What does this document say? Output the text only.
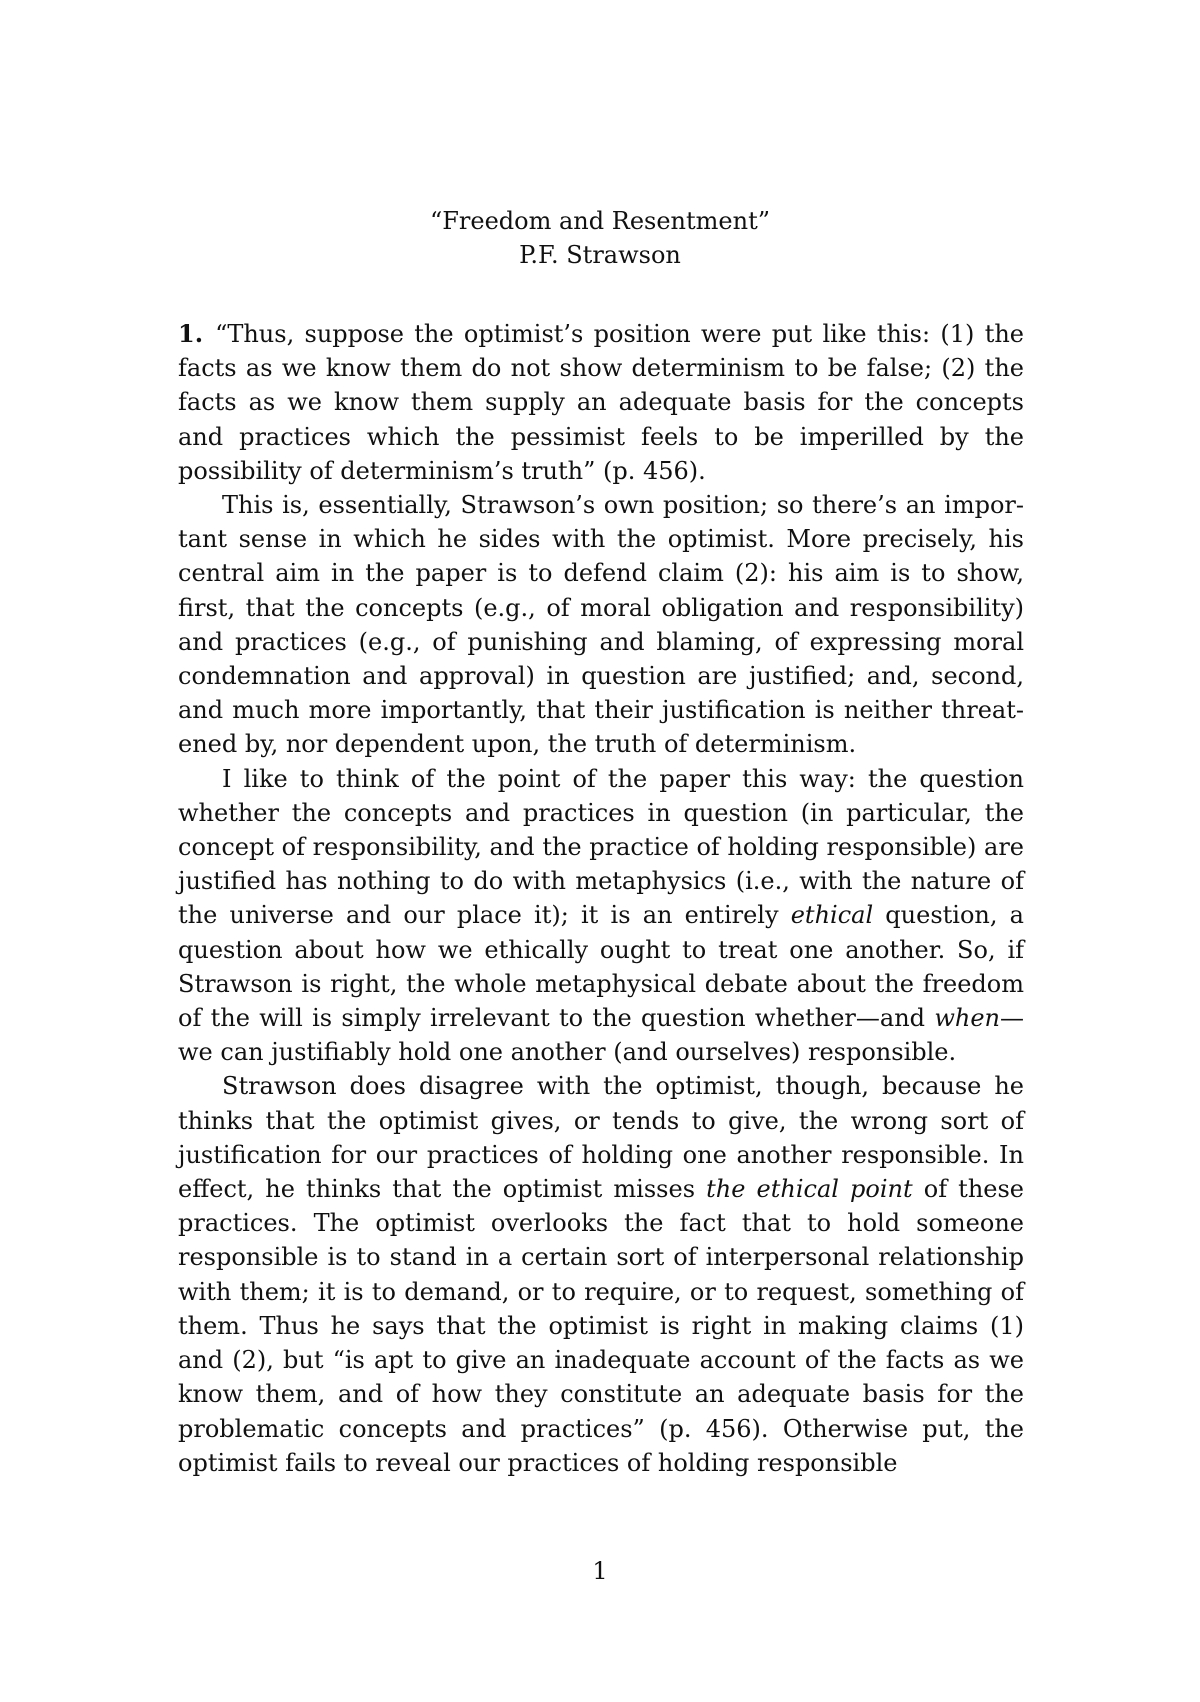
“Freedom and Resentment”
P.F. Strawson

1. “Thus, suppose the optimist’s position were put like this: (1) the facts as we know them do not show determinism to be false; (2) the facts as we know them supply an adequate basis for the concepts and practices which the pessimist feels to be imperilled by the possibility of determinism’s truth” (p. 456).

This is, essentially, Strawson’s own position; so there’s an important sense in which he sides with the optimist. More precisely, his central aim in the paper is to defend claim (2): his aim is to show, first, that the concepts (e.g., of moral obligation and responsibility) and practices (e.g., of punishing and blaming, of expressing moral condemnation and approval) in question are justified; and, second, and much more importantly, that their justification is neither threatened by, nor dependent upon, the truth of determinism.

I like to think of the point of the paper this way: the question whether the concepts and practices in question (in particular, the concept of responsibility, and the practice of holding responsible) are justified has nothing to do with metaphysics (i.e., with the nature of the universe and our place it); it is an entirely ethical question, a question about how we ethically ought to treat one another. So, if Strawson is right, the whole metaphysical debate about the freedom of the will is simply irrelevant to the question whether—and when— we can justifiably hold one another (and ourselves) responsible.

Strawson does disagree with the optimist, though, because he thinks that the optimist gives, or tends to give, the wrong sort of justification for our practices of holding one another responsible. In effect, he thinks that the optimist misses the ethical point of these practices. The optimist overlooks the fact that to hold someone responsible is to stand in a certain sort of interpersonal relationship with them; it is to demand, or to require, or to request, something of them. Thus he says that the optimist is right in making claims (1) and (2), but “is apt to give an inadequate account of the facts as we know them, and of how they constitute an adequate basis for the problematic concepts and practices” (p. 456). Otherwise put, the optimist fails to reveal our practices of holding responsible

1
